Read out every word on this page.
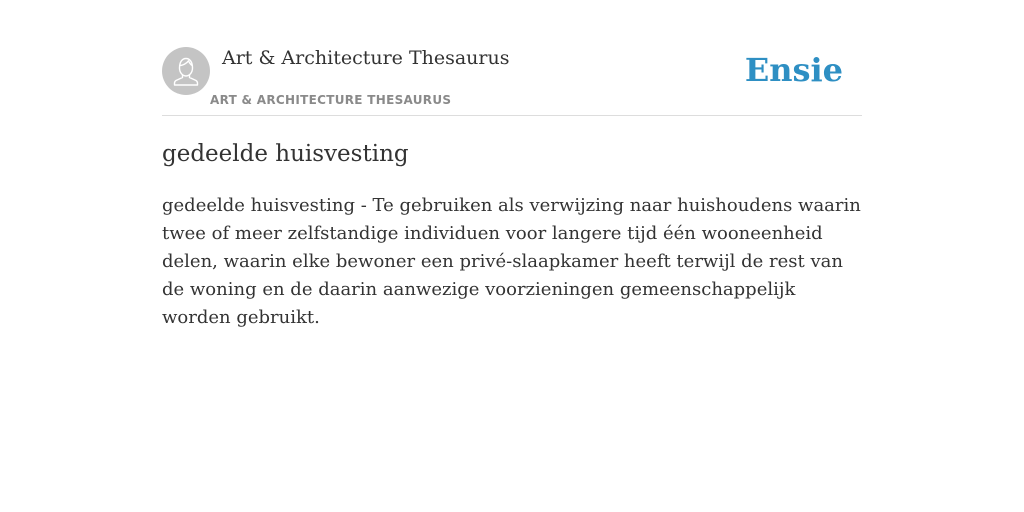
Art & Architecture Thesaurus
ART & ARCHITECTURE THESAURUS
Ensie
gedeelde huisvesting

gedeelde huisvesting - Te gebruiken als verwijzing naar huishoudens waarin twee of meer zelfstandige individuen voor langere tijd één wooneenheid delen, waarin elke bewoner een privé-slaapkamer heeft terwijl de rest van de woning en de daarin aanwezige voorzieningen gemeenschappelijk worden gebruikt.
